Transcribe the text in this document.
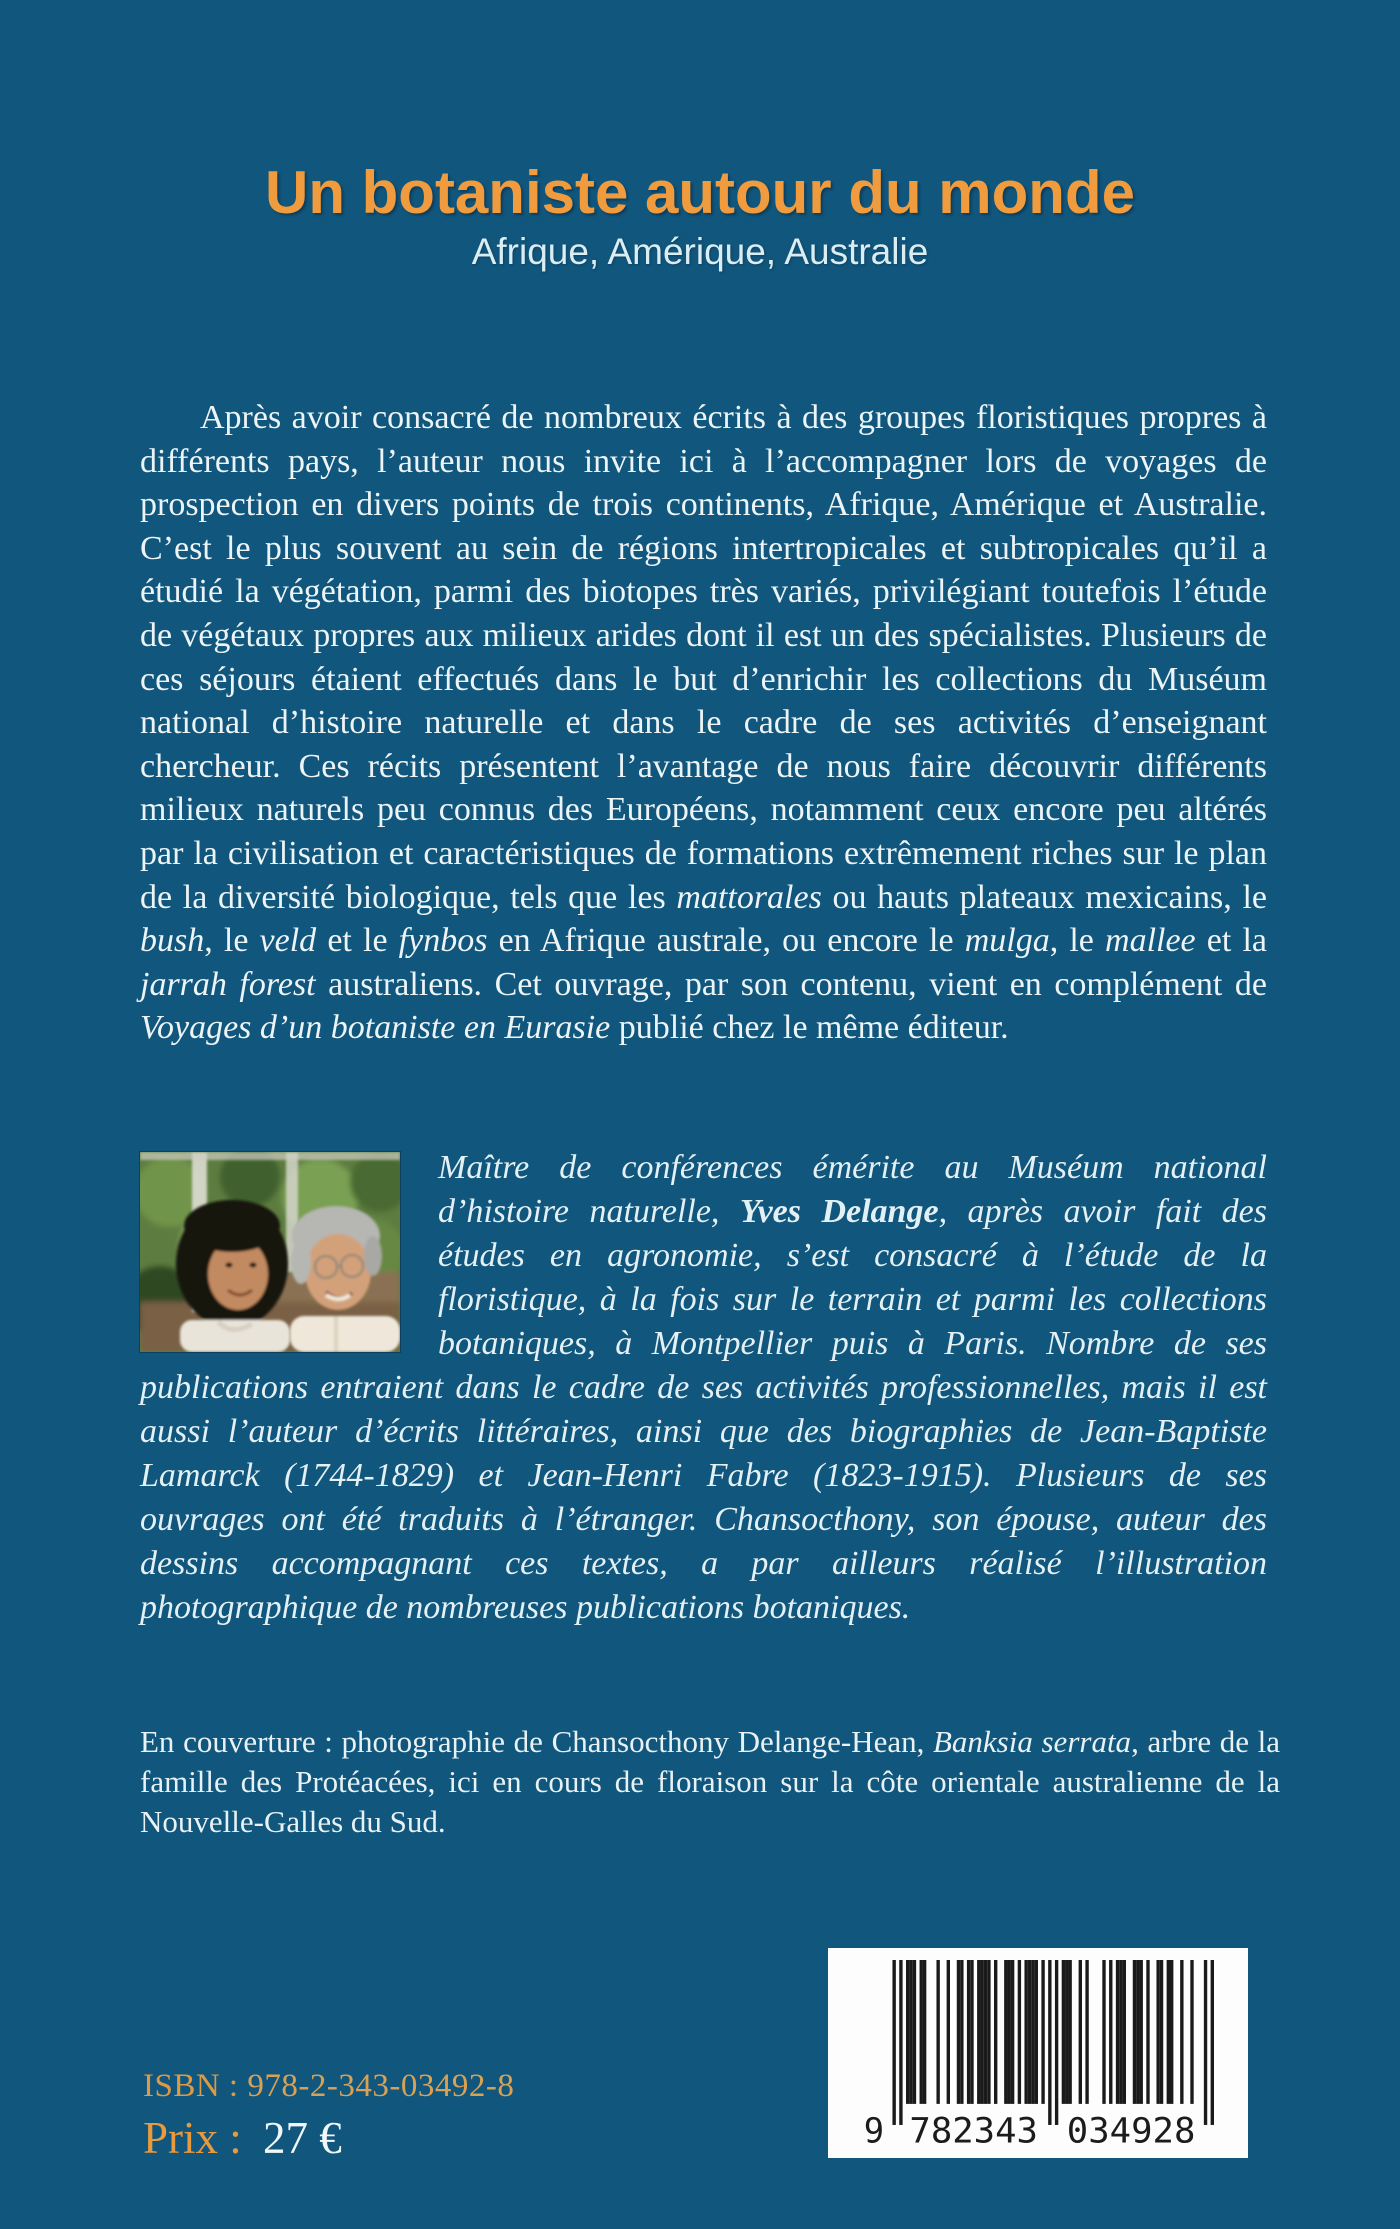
Un botaniste autour du monde
Afrique, Amérique, Australie

Après avoir consacré de nombreux écrits à des groupes floristiques propres à différents pays, l’auteur nous invite ici à l’accompagner lors de voyages de prospection en divers points de trois continents, Afrique, Amérique et Australie. C’est le plus souvent au sein de régions intertropicales et subtropicales qu’il a étudié la végétation, parmi des biotopes très variés, privilégiant toutefois l’étude de végétaux propres aux milieux arides dont il est un des spécialistes. Plusieurs de ces séjours étaient effectués dans le but d’enrichir les collections du Muséum national d’histoire naturelle et dans le cadre de ses activités d’enseignant chercheur. Ces récits présentent l’avantage de nous faire découvrir différents milieux naturels peu connus des Européens, notamment ceux encore peu altérés par la civilisation et caractéristiques de formations extrêmement riches sur le plan de la diversité biologique, tels que les mattorales ou hauts plateaux mexicains, le bush, le veld et le fynbos en Afrique australe, ou encore le mulga, le mallee et la jarrah forest australiens. Cet ouvrage, par son contenu, vient en complément de Voyages d’un botaniste en Eurasie publié chez le même éditeur.

Maître de conférences émérite au Muséum national d’histoire naturelle, Yves Delange, après avoir fait des études en agronomie, s’est consacré à l’étude de la floristique, à la fois sur le terrain et parmi les collections botaniques, à Montpellier puis à Paris. Nombre de ses publications entraient dans le cadre de ses activités professionnelles, mais il est aussi l’auteur d’écrits littéraires, ainsi que des biographies de Jean-Baptiste Lamarck (1744-1829) et Jean-Henri Fabre (1823-1915). Plusieurs de ses ouvrages ont été traduits à l’étranger. Chansocthony, son épouse, auteur des dessins accompagnant ces textes, a par ailleurs réalisé l’illustration photographique de nombreuses publications botaniques.

En couverture : photographie de Chansocthony Delange-Hean, Banksia serrata, arbre de la famille des Protéacées, ici en cours de floraison sur la côte orientale australienne de la Nouvelle-Galles du Sud.

9	782343	034928
ISBN : 978-2-343-03492-8
Prix : 27 €
